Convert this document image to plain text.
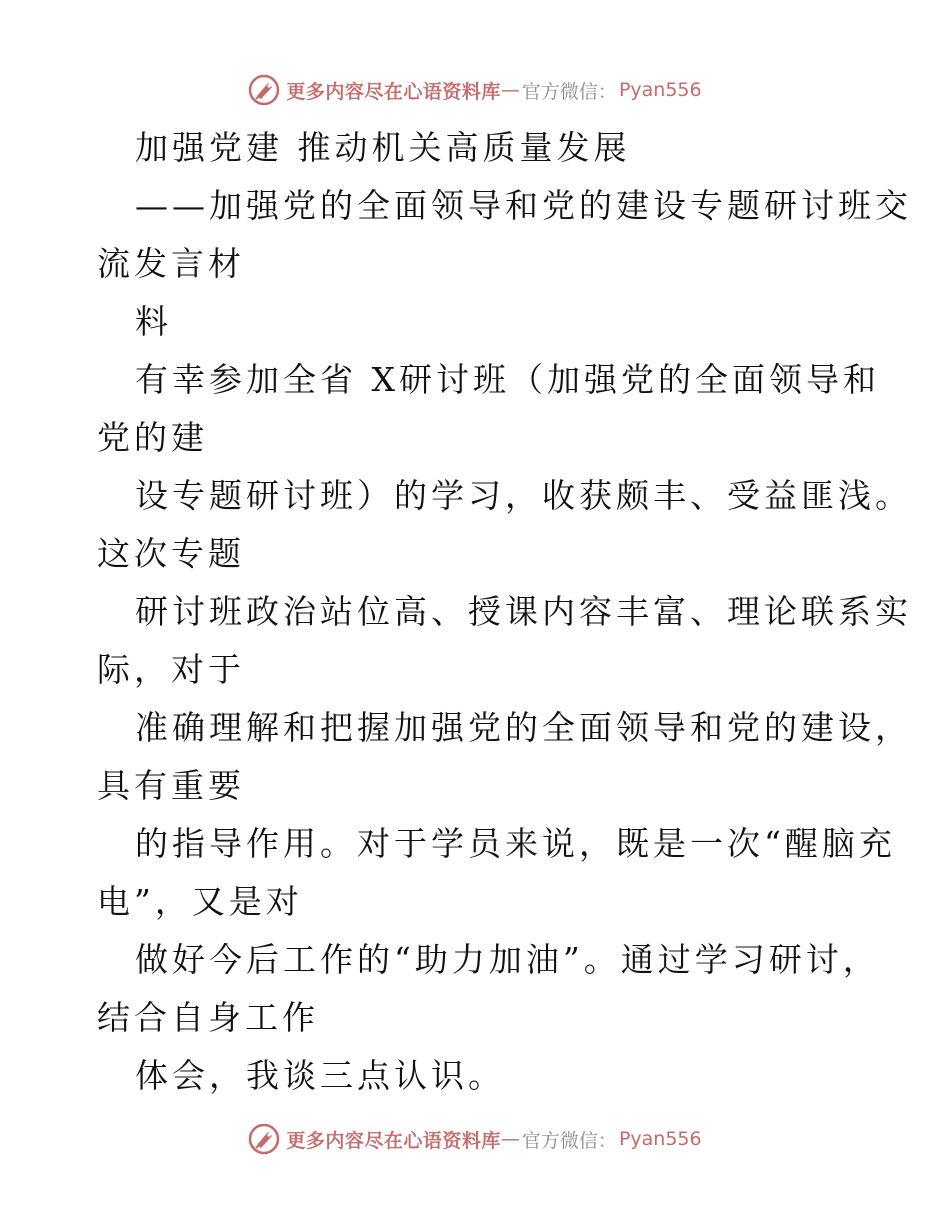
更多内容尽在心语资料库 — 官方微信： Pyan556
加强党建 推动机关高质量发展
——加强党的全面领导和党的建设专题研讨班交
流发言材
料
有幸参加全省 X研讨班（加强党的全面领导和
党的建
设专题研讨班）的学习，收获颇丰、受益匪浅。
这次专题
研讨班政治站位高、授课内容丰富、理论联系实
际，对于
准确理解和把握加强党的全面领导和党的建设，
具有重要
的指导作用。对于学员来说，既是一次“醒脑充
电”，又是对
做好今后工作的“助力加油”。通过学习研讨，
结合自身工作
体会，我谈三点认识。
更多内容尽在心语资料库 — 官方微信： Pyan556
